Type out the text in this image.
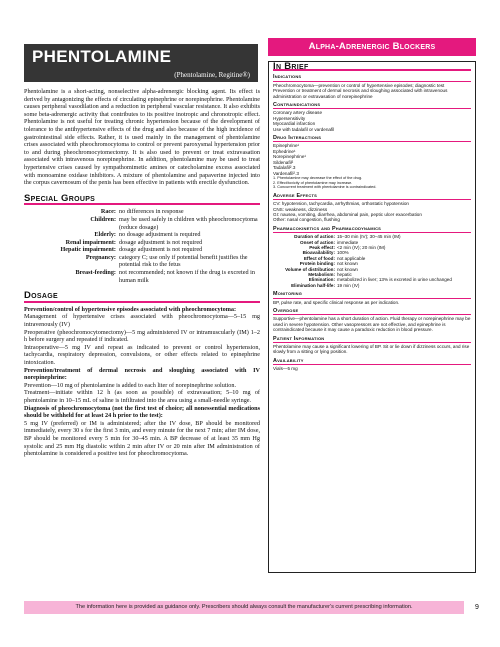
Alpha-Adrenergic Blockers
PHENTOLAMINE
(Phentolamine, Regitine®)

Phentolamine is a short-acting, nonselective alpha-adrenergic blocking agent. Its effect is derived by antagonizing the effects of circulating epinephrine or norepinephrine. Phentolamine causes peripheral vasodilation and a reduction in peripheral vascular resistance. It also exhibits some beta-adrenergic activity that contributes to its positive inotropic and chronotropic effect. Phentolamine is not useful for treating chronic hypertension because of the development of tolerance to the antihypertensive effects of the drug and also because of the high incidence of gastrointestinal side effects. Rather, it is used mainly in the management of phentolamine crises associated with pheochromocytoma to control or prevent paroxysmal hypertension prior to and during pheochromocytomectomy. It is also used to prevent or treat extravasation associated with intravenous norepinephrine. In addition, phentolamine may be used to treat hypertensive crises caused by sympathomimetic amines or catecholamine excess associated with monoamine oxidase inhibitors. A mixture of phentolamine and papaverine injected into the corpus cavernosum of the penis has been effective in patients with erectile dysfunction.

Special Groups
Race: no differences in response
Children: may be used safely in children with pheochromocytoma (reduce dosage)
Elderly: no dosage adjustment is required
Renal impairment: dosage adjustment is not required
Hepatic impairment: dosage adjustment is not required
Pregnancy: category C; use only if potential benefit justifies the potential risk to the fetus
Breast-feeding: not recommended; not known if the drug is excreted in human milk
Dosage

Prevention/control of hypertensive episodes associated with pheochromocytoma:

Management of hypertensive crises associated with pheochromocytoma—5–15 mg intravenously (IV)

Preoperative (pheochromocytomectomy)—5 mg administered IV or intramuscularly (IM) 1–2 h before surgery and repeated if indicated.

Intraoperative—5 mg IV and repeat as indicated to prevent or control hypertension, tachycardia, respiratory depression, convulsions, or other effects related to epinephrine intoxication.

Prevention/treatment of dermal necrosis and sloughing associated with IV norepinephrine:

Prevention—10 mg of phentolamine is added to each liter of norepinephrine solution.

Treatment—initiate within 12 h (as soon as possible) of extravasation; 5–10 mg of phentolamine in 10–15 mL of saline is infiltrated into the area using a small-needle syringe.

Diagnosis of pheochromocytoma (not the first test of choice; all nonessential medications should be withheld for at least 24 h prior to the test):

5 mg IV (preferred) or IM is administered; after the IV dose, BP should be monitored immediately, every 30 s for the first 3 min, and every minute for the next 7 min; after IM dose, BP should be monitored every 5 min for 30–45 min. A BP decrease of at least 35 mm Hg systolic and 25 mm Hg diastolic within 2 min after IV or 20 min after IM administration of phentolamine is considered a positive test for pheochromocytoma.

In Brief
Indications

Pheochromocytoma—prevention or control of hypertensive episodes; diagnostic test

Prevention or treatment of dermal necrosis and sloughing associated with intravenous administration or extravasation of norepinephrine

Contraindications

Coronary artery disease

Hypersensitivity

Myocardial infarction

Use with tadalafil or vardenafil

Drug Interactions

Epinephrine¹

Ephedrine¹

Norepinephrine¹

Sildenafil²

Tadalafil²˒3

Vardenafil²˒3

1. Phentolamine may decrease the effect of the drug.

2. Effect/toxicity of phentolamine may increase.

3. Concurrent treatment with phentolamine is contraindicated.

Adverse Effects

CV: hypotension, tachycardia, arrhythmias, orthostatic hypotension

CNS: weakness, dizziness

GI: nausea, vomiting, diarrhea, abdominal pain, peptic ulcer exacerbation

Other: nasal congestion, flushing

Pharmacokinetics and Pharmacodynamics
Duration of action: 15–30 min (IV); 30–45 min (IM)
Onset of action: immediate
Peak effect: <2 min (IV); 20 min (IM)
Bioavailability: 100%
Effect of food: not applicable
Protein binding: not known
Volume of distribution: not known
Metabolism: hepatic
Elimination: metabolized in liver; 13% is excreted in urine unchanged
Elimination half-life: 19 min (IV)
Monitoring

BP, pulse rate, and specific clinical response as per indication.

Overdose

Supportive—phentolamine has a short duration of action. Fluid therapy or norepinephrine may be used in severe hypotension. Other vasopressors are not effective, and epinephrine is contraindicated because it may cause a paradoxic reduction in blood pressure.

Patient Information

Phentolamine may cause a significant lowering of BP. Sit or lie down if dizziness occurs, and rise slowly from a sitting or lying position.

Availability

Vials—5 mg

The information here is provided as guidance only. Prescribers should always consult the manufacturer's current prescribing information.	9
